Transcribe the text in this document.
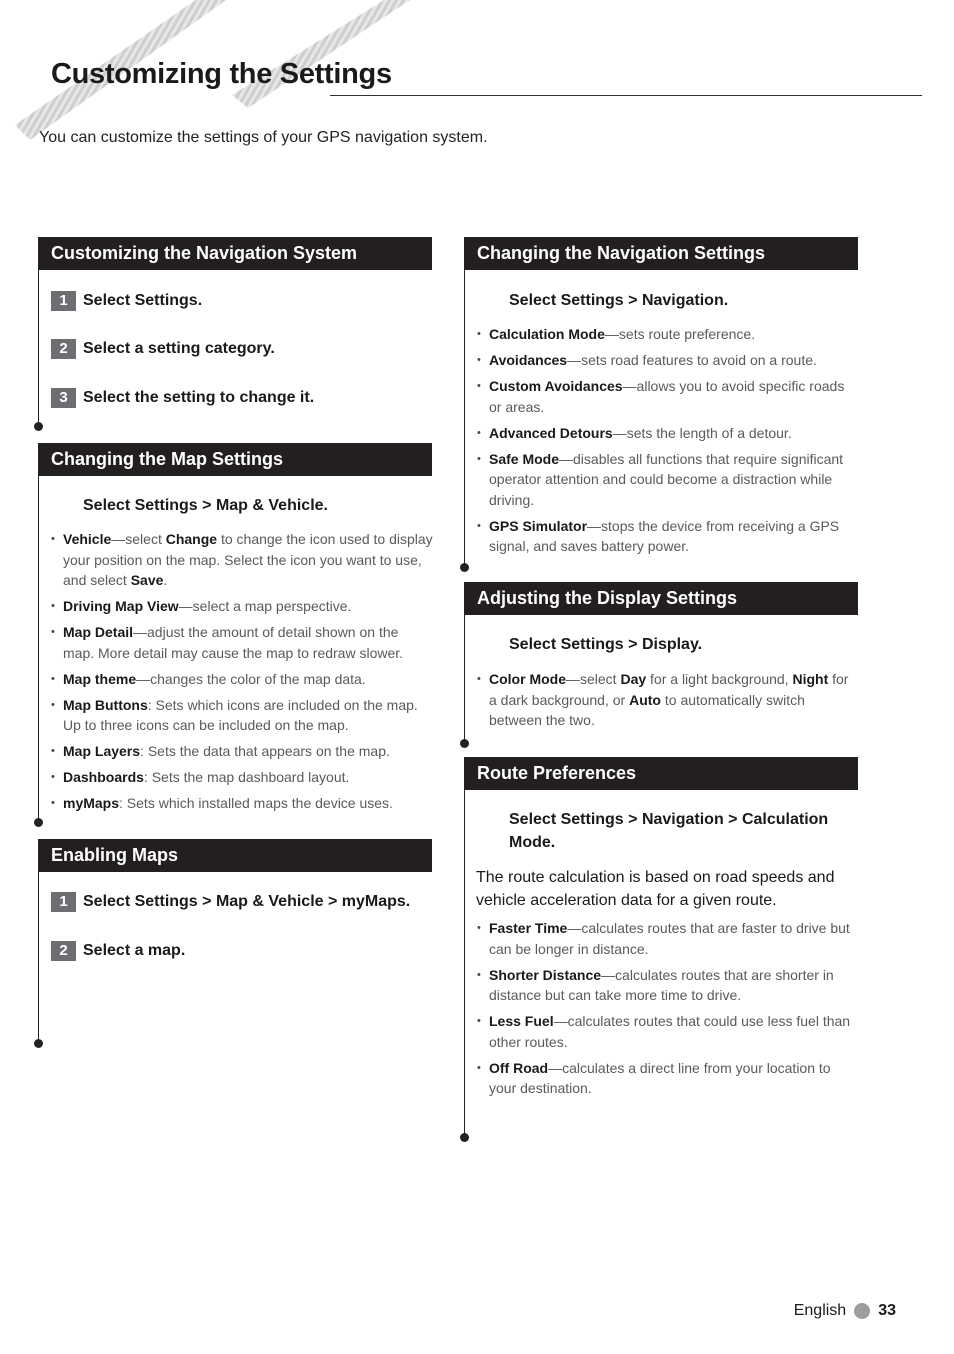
Customizing the Settings

You can customize the settings of your GPS navigation system.

Customizing the Navigation System
1 Select Settings.
2 Select a setting category.
3 Select the setting to change it.
Changing the Map Settings
Select Settings > Map & Vehicle.
• Vehicle—select Change to change the icon used to display your position on the map. Select the icon you want to use, and select Save.
• Driving Map View—select a map perspective.
• Map Detail—adjust the amount of detail shown on the map. More detail may cause the map to redraw slower.
• Map theme—changes the color of the map data.
• Map Buttons: Sets which icons are included on the map. Up to three icons can be included on the map.
• Map Layers: Sets the data that appears on the map.
• Dashboards: Sets the map dashboard layout.
• myMaps: Sets which installed maps the device uses.
Enabling Maps
1 Select Settings > Map & Vehicle > myMaps.
2 Select a map.
Changing the Navigation Settings
Select Settings > Navigation.
• Calculation Mode—sets route preference.
• Avoidances—sets road features to avoid on a route.
• Custom Avoidances—allows you to avoid specific roads or areas.
• Advanced Detours—sets the length of a detour.
• Safe Mode—disables all functions that require significant operator attention and could become a distraction while driving.
• GPS Simulator—stops the device from receiving a GPS signal, and saves battery power.
Adjusting the Display Settings
Select Settings > Display.
• Color Mode—select Day for a light background, Night for a dark background, or Auto to automatically switch between the two.
Route Preferences
Select Settings > Navigation > Calculation Mode.

The route calculation is based on road speeds and vehicle acceleration data for a given route.

• Faster Time—calculates routes that are faster to drive but can be longer in distance.
• Shorter Distance—calculates routes that are shorter in distance but can take more time to drive.
• Less Fuel—calculates routes that could use less fuel than other routes.
• Off Road—calculates a direct line from your location to your destination.
English 33
